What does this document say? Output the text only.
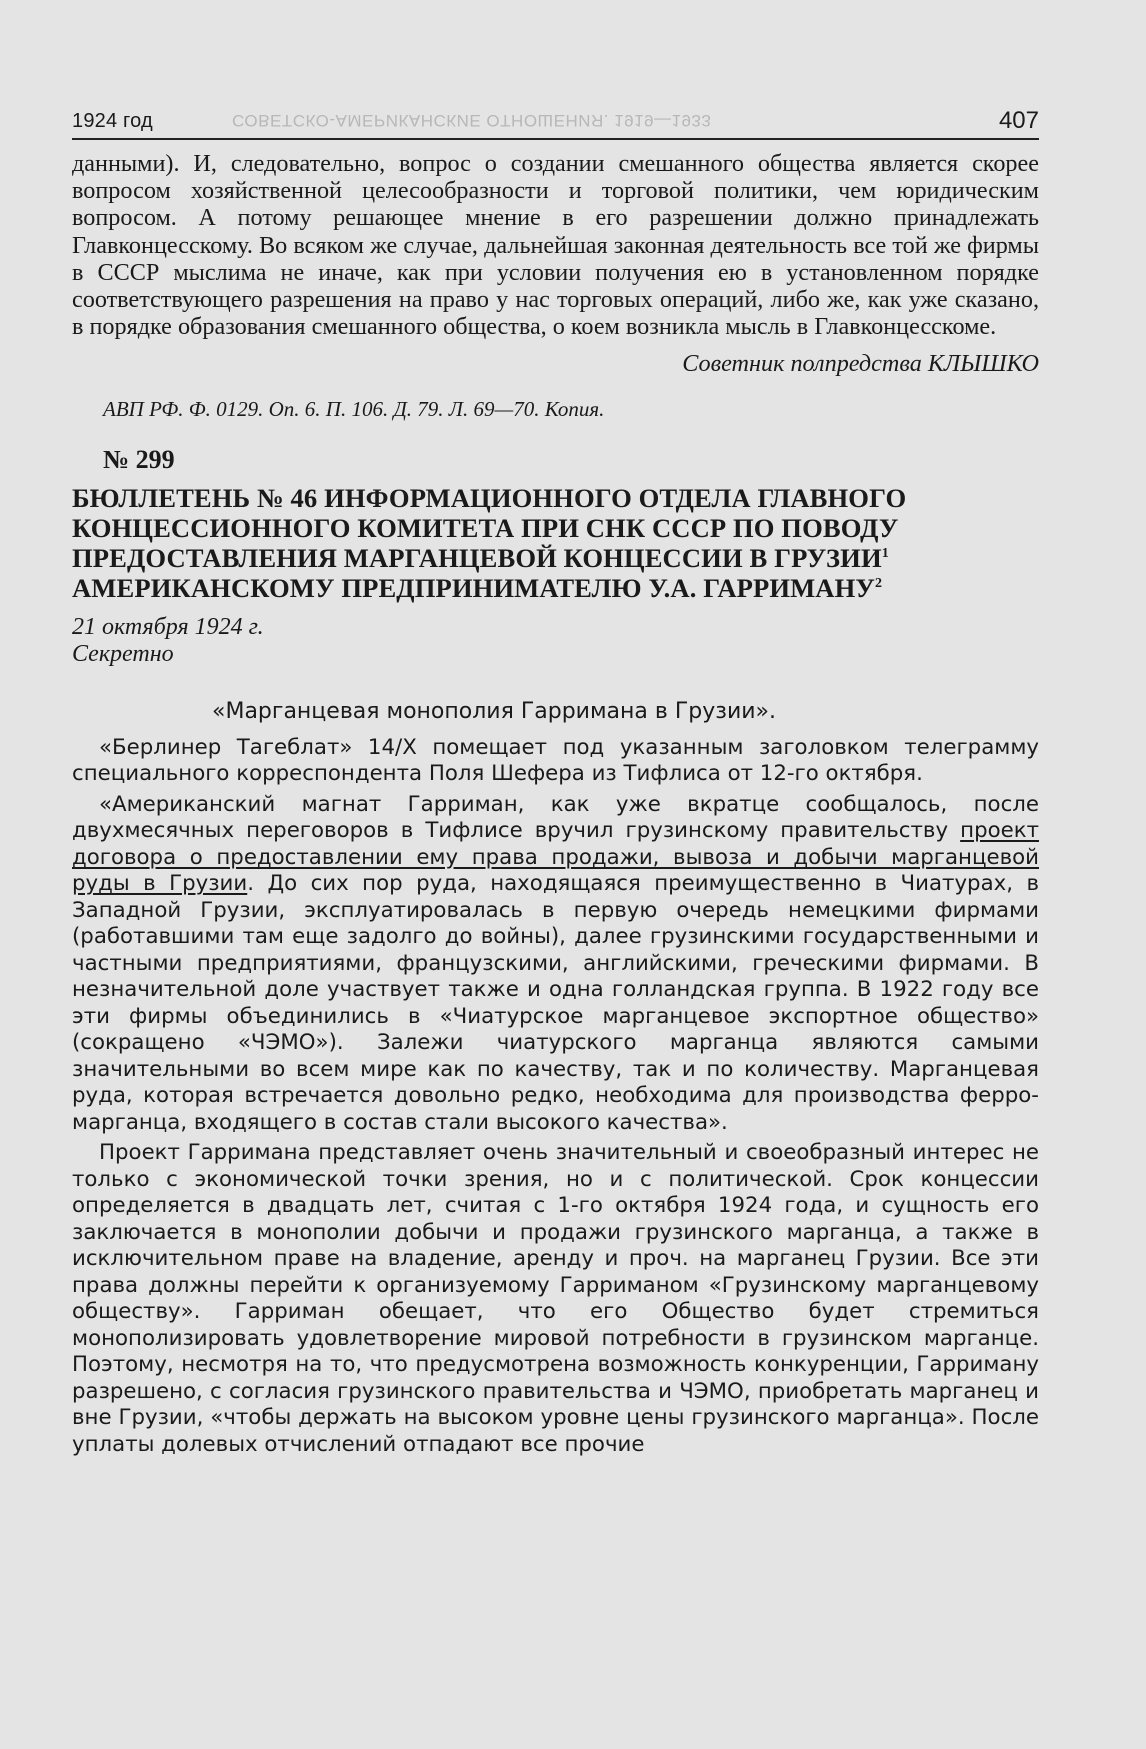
1924 год	СОВЕТСКО-АМЕРИКАНСКИЕ ОТНОШЕНИЯ. 1919—1933	407

данными). И, следовательно, вопрос о создании смешанного общества является скорее вопросом хозяйственной целесообразности и торговой политики, чем юридическим вопросом. А потому решающее мнение в его разрешении должно принадлежать Главконцесскому. Во всяком же случае, дальнейшая законная деятельность все той же фирмы в СССР мыслима не иначе, как при условии получения ею в установленном порядке соответствующего разрешения на право у нас торговых операций, либо же, как уже сказано, в порядке образования смешанного общества, о коем возникла мысль в Главконцесскоме.

Советник полпредства КЛЫШКО

АВП РФ. Ф. 0129. Оп. 6. П. 106. Д. 79. Л. 69—70. Копия.

№ 299

БЮЛЛЕТЕНЬ № 46 ИНФОРМАЦИОННОГО ОТДЕЛА ГЛАВНОГО КОНЦЕССИОННОГО КОМИТЕТА ПРИ СНК СССР ПО ПОВОДУ ПРЕДОСТАВЛЕНИЯ МАРГАНЦЕВОЙ КОНЦЕССИИ В ГРУЗИИ$^1$ АМЕРИКАНСКОМУ ПРЕДПРИНИМАТЕЛЮ У.А. ГАРРИМАНУ$^2$

21 октября 1924 г.

Секретно

«Марганцевая монополия Гарримана в Грузии».

«Берлинер Тагеблат» 14/X помещает под указанным заголовком телеграмму специального корреспондента Поля Шефера из Тифлиса от 12-го октября.

«Американский магнат Гарриман, как уже вкратце сообщалось, после двухмесячных переговоров в Тифлисе вручил грузинскому правительству проект договора о предоставлении ему права продажи, вывоза и добычи марганцевой руды в Грузии. До сих пор руда, находящаяся преимущественно в Чиатурах, в Западной Грузии, эксплуатировалась в первую очередь немецкими фирмами (работавшими там еще задолго до войны), далее грузинскими государственными и частными предприятиями, французскими, английскими, греческими фирмами. В незначительной доле участвует также и одна голландская группа. В 1922 году все эти фирмы объединились в «Чиатурское марганцевое экспортное общество» (сокращено «ЧЭМО»). Залежи чиатурского марганца являются самыми значительными во всем мире как по качеству, так и по количеству. Марганцевая руда, которая встречается довольно редко, необходима для производства ферро-марганца, входящего в состав стали высокого качества».

Проект Гарримана представляет очень значительный и своеобразный интерес не только с экономической точки зрения, но и с политической. Срок концессии определяется в двадцать лет, считая с 1-го октября 1924 года, и сущность его заключается в монополии добычи и продажи грузинского марганца, а также в исключительном праве на владение, аренду и проч. на марганец Грузии. Все эти права должны перейти к организуемому Гарриманом «Грузинскому марганцевому обществу». Гарриман обещает, что его Общество будет стремиться монополизировать удовлетворение мировой потребности в грузинском марганце. Поэтому, несмотря на то, что предусмотрена возможность конкуренции, Гарриману разрешено, с согласия грузинского правительства и ЧЭМО, приобретать марганец и вне Грузии, «чтобы держать на высоком уровне цены грузинского марганца». После уплаты долевых отчислений отпадают все прочие
